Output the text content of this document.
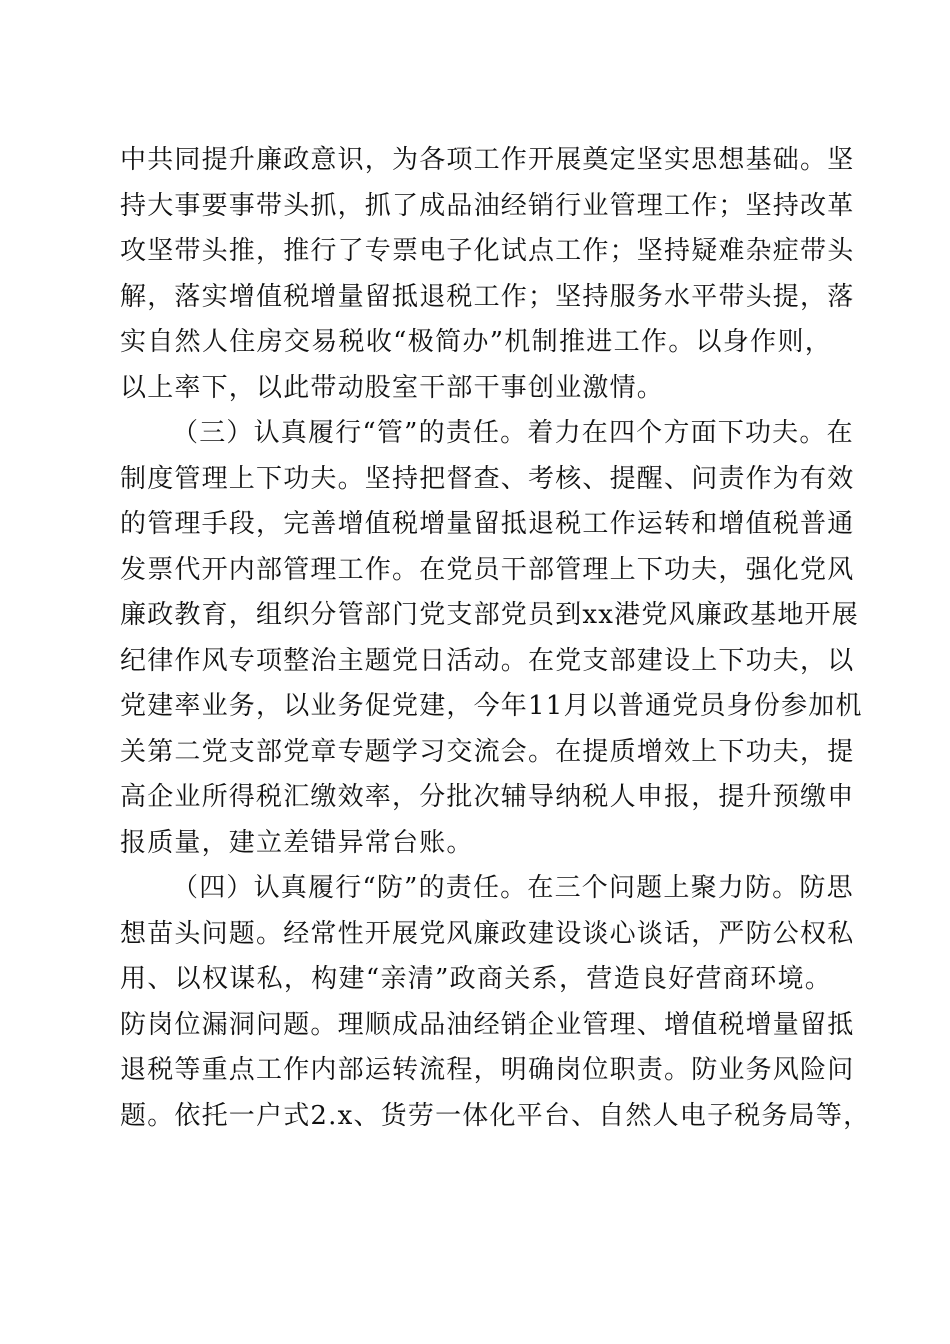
中共同提升廉政意识，为各项工作开展奠定坚实思想基础。坚
持大事要事带头抓，抓了成品油经销行业管理工作；坚持改革
攻坚带头推，推行了专票电子化试点工作；坚持疑难杂症带头
解，落实增值税增量留抵退税工作；坚持服务水平带头提，落
实自然人住房交易税收“极简办”机制推进工作。以身作则，
以上率下，以此带动股室干部干事创业激情。
（三）认真履行“管”的责任。着力在四个方面下功夫。在
制度管理上下功夫。坚持把督查、考核、提醒、问责作为有效
的管理手段，完善增值税增量留抵退税工作运转和增值税普通
发票代开内部管理工作。在党员干部管理上下功夫，强化党风
廉政教育，组织分管部门党支部党员到xx港党风廉政基地开展
纪律作风专项整治主题党日活动。在党支部建设上下功夫，以
党建率业务，以业务促党建，今年11月以普通党员身份参加机
关第二党支部党章专题学习交流会。在提质增效上下功夫，提
高企业所得税汇缴效率，分批次辅导纳税人申报，提升预缴申
报质量，建立差错异常台账。
（四）认真履行“防”的责任。在三个问题上聚力防。防思
想苗头问题。经常性开展党风廉政建设谈心谈话，严防公权私
用、以权谋私，构建“亲清”政商关系，营造良好营商环境。
防岗位漏洞问题。理顺成品油经销企业管理、增值税增量留抵
退税等重点工作内部运转流程，明确岗位职责。防业务风险问
题。依托一户式2.x、货劳一体化平台、自然人电子税务局等，
